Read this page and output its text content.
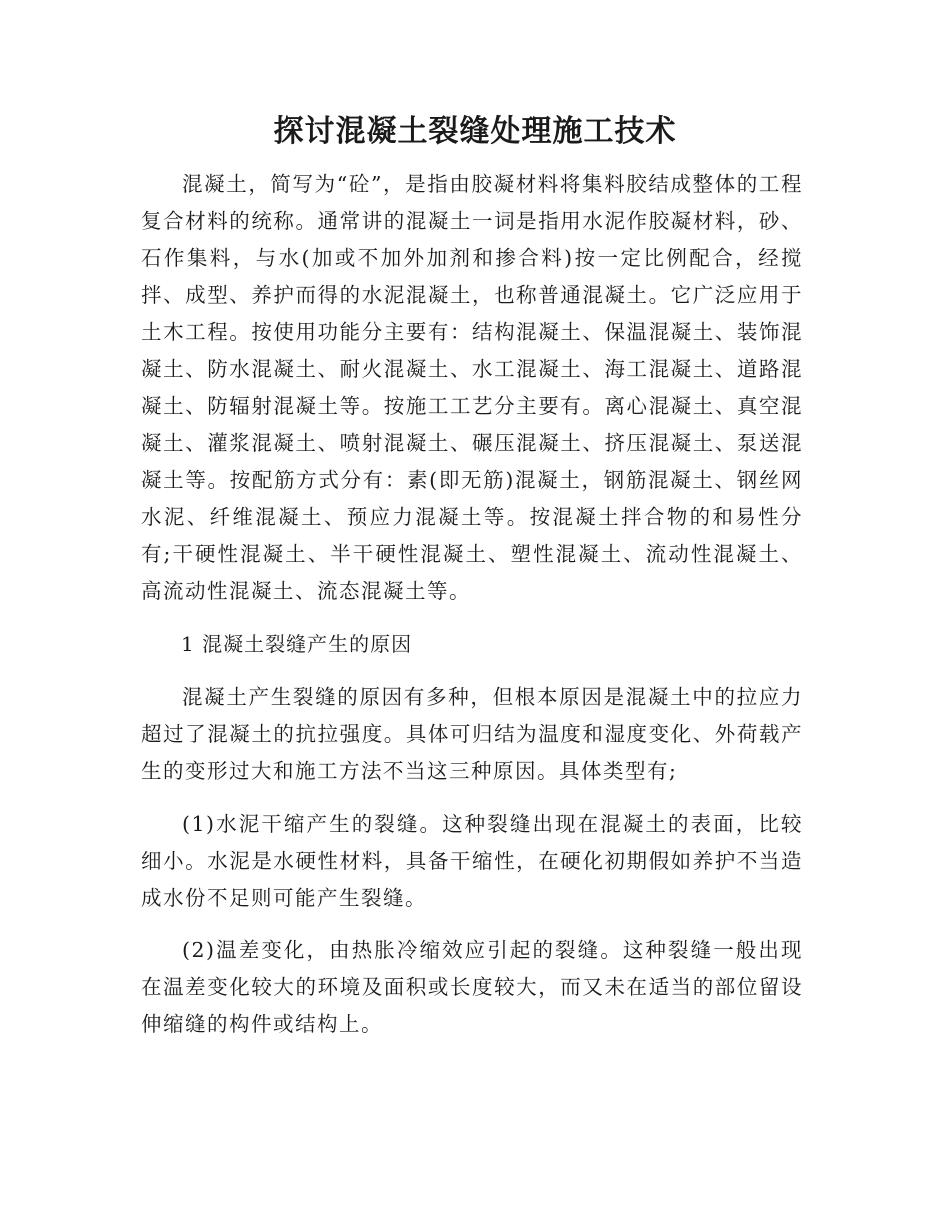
探讨混凝土裂缝处理施工技术

混凝土，简写为“砼”，是指由胶凝材料将集料胶结成整体的工程复合材料的统称。通常讲的混凝土一词是指用水泥作胶凝材料，砂、石作集料，与水(加或不加外加剂和掺合料)按一定比例配合，经搅拌、成型、养护而得的水泥混凝土，也称普通混凝土。它广泛应用于土木工程。按使用功能分主要有：结构混凝土、保温混凝土、装饰混凝土、防水混凝土、耐火混凝土、水工混凝土、海工混凝土、道路混凝土、防辐射混凝土等。按施工工艺分主要有。离心混凝土、真空混凝土、灌浆混凝土、喷射混凝土、碾压混凝土、挤压混凝土、泵送混凝土等。按配筋方式分有：素(即无筋)混凝土，钢筋混凝土、钢丝网水泥、纤维混凝土、预应力混凝土等。按混凝土拌合物的和易性分有;干硬性混凝土、半干硬性混凝土、塑性混凝土、流动性混凝土、高流动性混凝土、流态混凝土等。

1 混凝土裂缝产生的原因

混凝土产生裂缝的原因有多种，但根本原因是混凝土中的拉应力超过了混凝土的抗拉强度。具体可归结为温度和湿度变化、外荷载产生的变形过大和施工方法不当这三种原因。具体类型有;

(1)水泥干缩产生的裂缝。这种裂缝出现在混凝土的表面，比较细小。水泥是水硬性材料，具备干缩性，在硬化初期假如养护不当造成水份不足则可能产生裂缝。

(2)温差变化，由热胀冷缩效应引起的裂缝。这种裂缝一般出现在温差变化较大的环境及面积或长度较大，而又未在适当的部位留设伸缩缝的构件或结构上。
